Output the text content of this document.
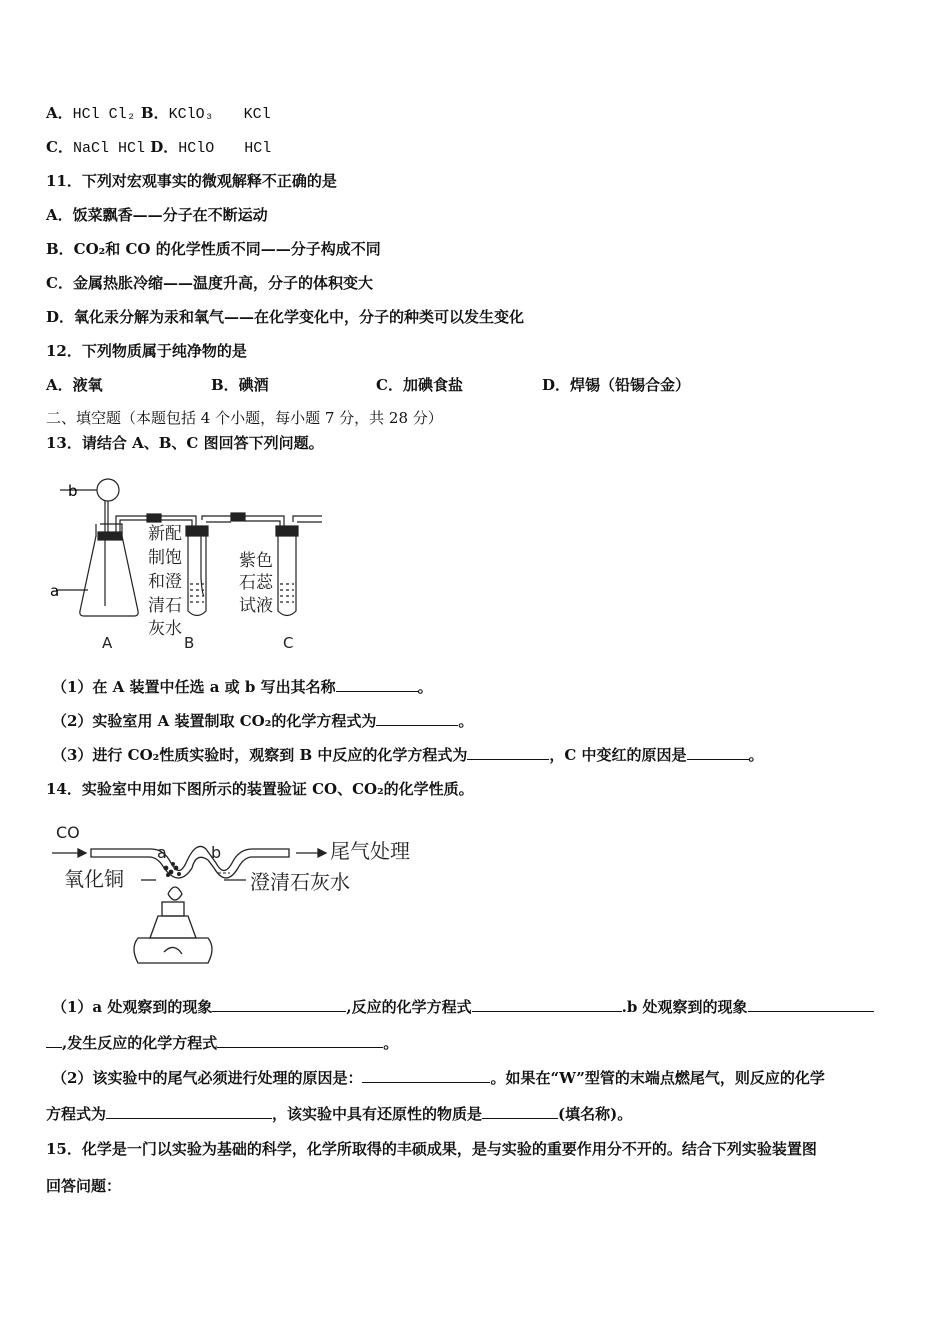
A．HCl Cl₂ B．KClO₃ KCl
C．NaCl HCl D．HClO HCl
11．下列对宏观事实的微观解释不正确的是
A．饭菜飘香——分子在不断运动
B．CO₂和 CO 的化学性质不同——分子构成不同
C．金属热胀冷缩——温度升高，分子的体积变大
D．氧化汞分解为汞和氧气——在化学变化中，分子的种类可以发生变化
12．下列物质属于纯净物的是
A．液氧	B．碘酒	C．加碘食盐	D．焊锡（铅锡合金）
二、填空题（本题包括 4 个小题，每小题 7 分，共 28 分）
13．请结合 A、B、C 图回答下列问题。
b
a
新配
制饱
和澄
清石
灰水
紫色
石蕊
试液
A	B	C
（1）在 A 装置中任选 a 或 b 写出其名称	。
（2）实验室用 A 装置制取 CO₂的化学方程式为	。
（3）进行 CO₂性质实验时，观察到 B 中反应的化学方程式为	，C 中变红的原因是	。
14．实验室中用如下图所示的装置验证 CO、CO₂的化学性质。
CO
a	b	尾气处理
氧化铜	澄清石灰水
（1）a 处观察到的现象	,反应的化学方程式	.b 处观察到的现象
,发生反应的化学方程式	。
（2）该实验中的尾气必须进行处理的原因是：	。如果在“W”型管的末端点燃尾气，则反应的化学
方程式为	，该实验中具有还原性的物质是	(填名称)。
15．化学是一门以实验为基础的科学，化学所取得的丰硕成果，是与实验的重要作用分不开的。结合下列实验装置图
回答问题：
